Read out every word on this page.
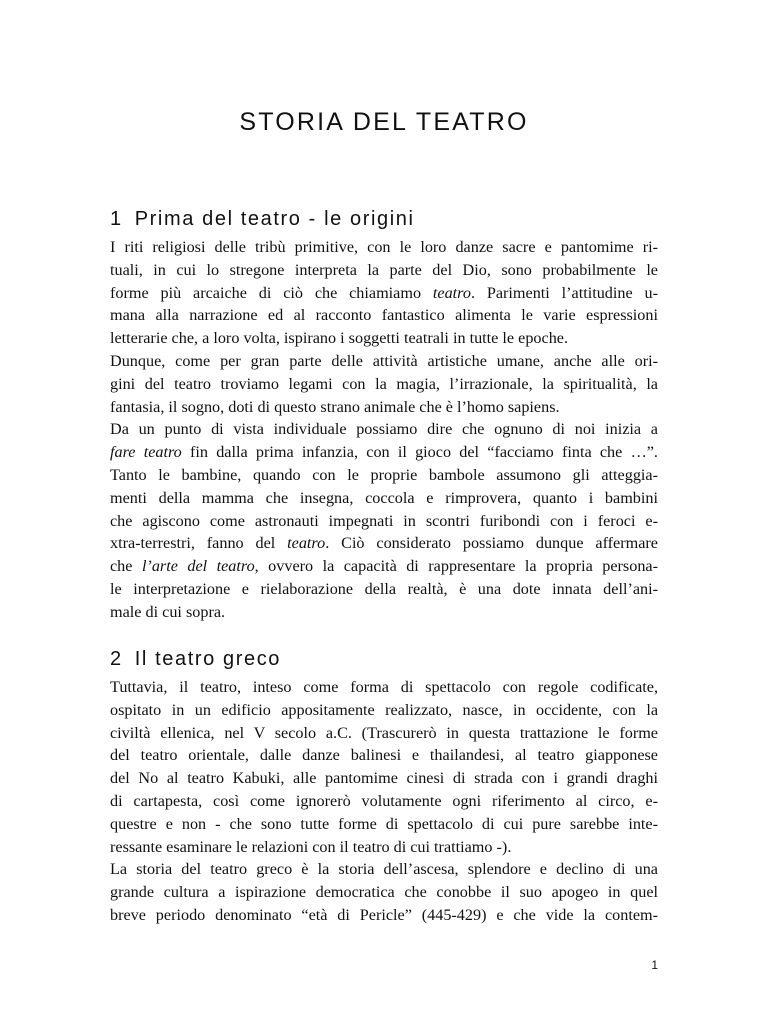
STORIA DEL TEATRO
1 Prima del teatro - le origini
I riti religiosi delle tribù primitive, con le loro danze sacre e pantomime ri-
tuali, in cui lo stregone interpreta la parte del Dio, sono probabilmente le
forme più arcaiche di ciò che chiamiamo teatro. Parimenti l’attitudine u-
mana alla narrazione ed al racconto fantastico alimenta le varie espressioni
letterarie che, a loro volta, ispirano i soggetti teatrali in tutte le epoche.
Dunque, come per gran parte delle attività artistiche umane, anche alle ori-
gini del teatro troviamo legami con la magia, l’irrazionale, la spiritualità, la
fantasia, il sogno, doti di questo strano animale che è l’homo sapiens.
Da un punto di vista individuale possiamo dire che ognuno di noi inizia a
fare teatro fin dalla prima infanzia, con il gioco del “facciamo finta che …”.
Tanto le bambine, quando con le proprie bambole assumono gli atteggia-
menti della mamma che insegna, coccola e rimprovera, quanto i bambini
che agiscono come astronauti impegnati in scontri furibondi con i feroci e-
xtra-terrestri, fanno del teatro. Ciò considerato possiamo dunque affermare
che l’arte del teatro, ovvero la capacità di rappresentare la propria persona-
le interpretazione e rielaborazione della realtà, è una dote innata dell’ani-
male di cui sopra.
2 Il teatro greco
Tuttavia, il teatro, inteso come forma di spettacolo con regole codificate,
ospitato in un edificio appositamente realizzato, nasce, in occidente, con la
civiltà ellenica, nel V secolo a.C. (Trascurerò in questa trattazione le forme
del teatro orientale, dalle danze balinesi e thailandesi, al teatro giapponese
del No al teatro Kabuki, alle pantomime cinesi di strada con i grandi draghi
di cartapesta, così come ignorerò volutamente ogni riferimento al circo, e-
questre e non - che sono tutte forme di spettacolo di cui pure sarebbe inte-
ressante esaminare le relazioni con il teatro di cui trattiamo -).
La storia del teatro greco è la storia dell’ascesa, splendore e declino di una
grande cultura a ispirazione democratica che conobbe il suo apogeo in quel
breve periodo denominato “età di Pericle” (445-429) e che vide la contem-
1
